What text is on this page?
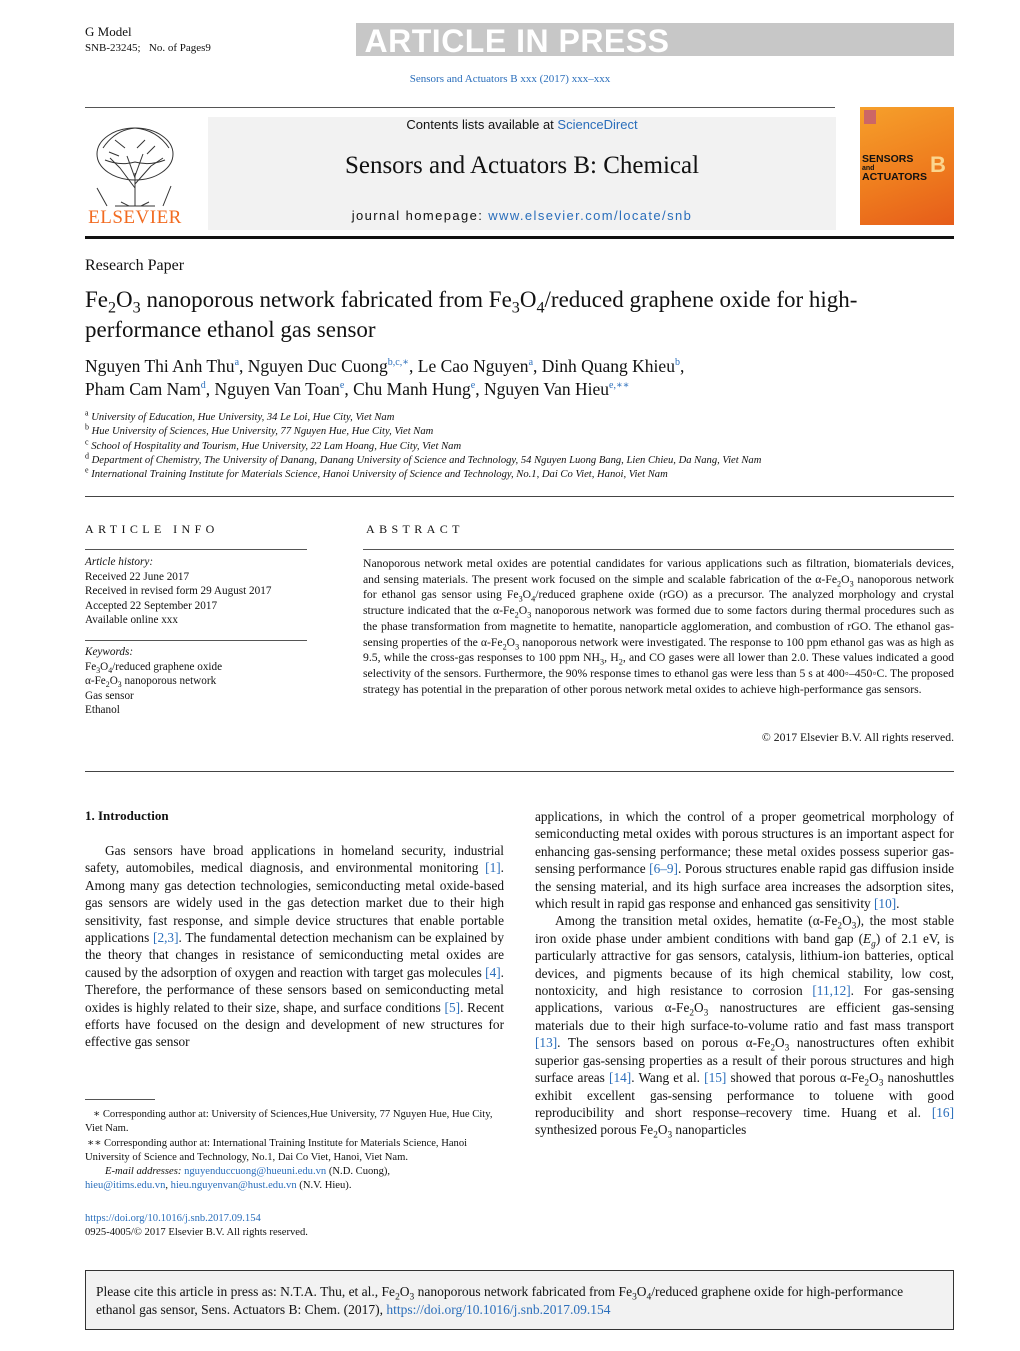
G Model
SNB-23245; No. of Pages9	ARTICLE IN PRESS
Sensors and Actuators B xxx (2017) xxx–xxx
ELSEVIER
Contents lists available at ScienceDirect
Sensors and Actuators B: Chemical
journal homepage: www.elsevier.com/locate/snb
SENSORS
and
ACTUATORS B
Research Paper
$Fe_2O_3$ nanoporous network fabricated from $Fe_3O_4$/reduced graphene oxide for high-performance ethanol gas sensor
Nguyen Thi Anh Thu$^a$, Nguyen Duc Cuong$^{b,c,∗}$, Le Cao Nguyen$^a$, Dinh Quang Khieu$^b$,
Pham Cam Nam$^d$, Nguyen Van Toan$^e$, Chu Manh Hung$^e$, Nguyen Van Hieu$^{e,∗∗}$
$^a$ University of Education, Hue University, 34 Le Loi, Hue City, Viet Nam
$^b$ Hue University of Sciences, Hue University, 77 Nguyen Hue, Hue City, Viet Nam
$^c$ School of Hospitality and Tourism, Hue University, 22 Lam Hoang, Hue City, Viet Nam
$^d$ Department of Chemistry, The University of Danang, Danang University of Science and Technology, 54 Nguyen Luong Bang, Lien Chieu, Da Nang, Viet Nam
$^e$ International Training Institute for Materials Science, Hanoi University of Science and Technology, No.1, Dai Co Viet, Hanoi, Viet Nam
ARTICLE INFO
Article history:
Received 22 June 2017
Received in revised form 29 August 2017
Accepted 22 September 2017
Available online xxx
Keywords:
$Fe_3O_4$/reduced graphene oxide
$\alpha-Fe_2O_3$ nanoporous network
Gas sensor
Ethanol
ABSTRACT
Nanoporous network metal oxides are potential candidates for various applications such as filtration, biomaterials devices, and sensing materials. The present work focused on the simple and scalable fabrication of the $\alpha-Fe_2O_3$ nanoporous network for ethanol gas sensor using $Fe_3O_4$/reduced graphene oxide (rGO) as a precursor. The analyzed morphology and crystal structure indicated that the $\alpha-Fe_2O_3$ nanoporous network was formed due to some factors during thermal procedures such as the phase transformation from magnetite to hematite, nanoparticle agglomeration, and combustion of rGO. The ethanol gas-sensing properties of the $\alpha-Fe_2O_3$ nanoporous network were investigated. The response to 100 ppm ethanol gas was as high as 9.5, while the cross-gas responses to 100 ppm $NH_3$, $H_2$, and CO gases were all lower than 2.0. These values indicated a good selectivity of the sensors. Furthermore, the 90% response times to ethanol gas were less than 5 s at 400◦–450◦C. The proposed strategy has potential in the preparation of other porous network metal oxides to achieve high-performance gas sensors.
© 2017 Elsevier B.V. All rights reserved.
1. Introduction

Gas sensors have broad applications in homeland security, industrial safety, automobiles, medical diagnosis, and environmental monitoring [1]. Among many gas detection technologies, semiconducting metal oxide-based gas sensors are widely used in the gas detection market due to their high sensitivity, fast response, and simple device structures that enable portable applications [2,3]. The fundamental detection mechanism can be explained by the theory that changes in resistance of semiconducting metal oxides are caused by the adsorption of oxygen and reaction with target gas molecules [4]. Therefore, the performance of these sensors based on semiconducting metal oxides is highly related to their size, shape, and surface conditions [5]. Recent efforts have focused on the design and development of new structures for effective gas sensor

applications, in which the control of a proper geometrical morphology of semiconducting metal oxides with porous structures is an important aspect for enhancing gas-sensing performance; these metal oxides possess superior gas-sensing performance [6–9]. Porous structures enable rapid gas diffusion inside the sensing material, and its high surface area increases the adsorption sites, which result in rapid gas response and enhanced gas sensitivity [10].

Among the transition metal oxides, hematite $(\alpha-Fe_2O_3)$, the most stable iron oxide phase under ambient conditions with band gap $(E_g)$ of 2.1 eV, is particularly attractive for gas sensors, catalysis, lithium-ion batteries, optical devices, and pigments because of its high chemical stability, low cost, nontoxicity, and high resistance to corrosion [11,12]. For gas-sensing applications, various $\alpha-Fe_2O_3$ nanostructures are efficient gas-sensing materials due to their high surface-to-volume ratio and fast mass transport [13]. The sensors based on porous $\alpha-Fe_2O_3$ nanostructures often exhibit superior gas-sensing properties as a result of their porous structures and high surface areas [14]. Wang et al. [15] showed that porous $\alpha-Fe_2O_3$ nanoshuttles exhibit excellent gas-sensing performance to toluene with good reproducibility and short response–recovery time. Huang et al. [16] synthesized porous $Fe_2O_3$ nanoparticles

∗ Corresponding author at: University of Sciences,Hue University, 77 Nguyen Hue, Hue City, Viet Nam.
∗∗ Corresponding author at: International Training Institute for Materials Science, Hanoi University of Science and Technology, No.1, Dai Co Viet, Hanoi, Viet Nam.
E-mail addresses: nguyenduccuong@hueuni.edu.vn (N.D. Cuong),
hieu@itims.edu.vn, hieu.nguyenvan@hust.edu.vn (N.V. Hieu).
https://doi.org/10.1016/j.snb.2017.09.154
0925-4005/© 2017 Elsevier B.V. All rights reserved.
Please cite this article in press as: N.T.A. Thu, et al., $Fe_2O_3$ nanoporous network fabricated from $Fe_3O_4$/reduced graphene oxide for high-performance ethanol gas sensor, Sens. Actuators B: Chem. (2017), https://doi.org/10.1016/j.snb.2017.09.154
